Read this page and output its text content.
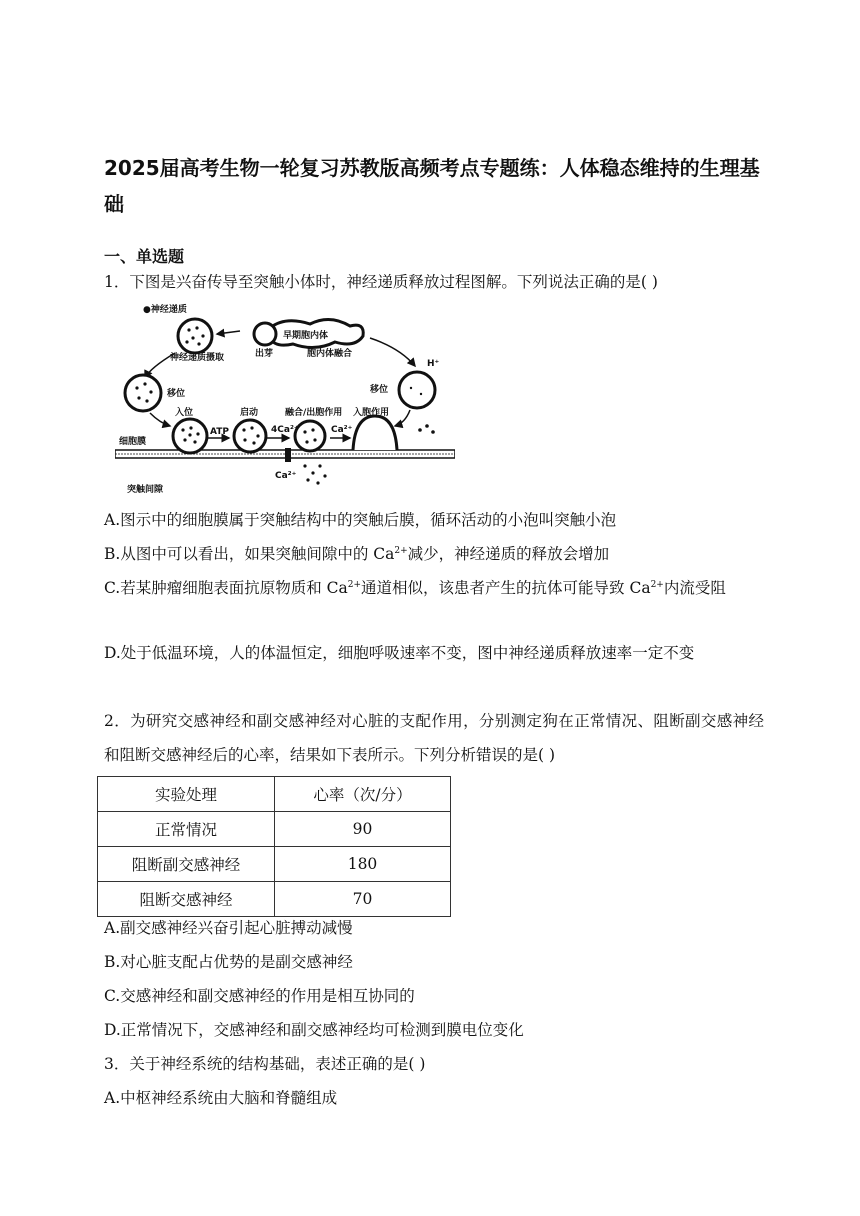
2025届高考生物一轮复习苏教版高频考点专题练：人体稳态维持的生理基础
一、单选题
1．下图是兴奋传导至突触小体时，神经递质释放过程图解。下列说法正确的是( )
●神经递质
早期胞内体
出芽	胞内体融合
神经递质摄取
移位	移位
H⁺
入位	启动	融合/出胞作用 入胞作用
细胞膜
ATP	4Ca²⁺	Ca²⁺
Ca²⁺
突触间隙
A.图示中的细胞膜属于突触结构中的突触后膜，循环活动的小泡叫突触小泡
B.从图中可以看出，如果突触间隙中的 $Ca^{2+}$减少，神经递质的释放会增加
C.若某肿瘤细胞表面抗原物质和 $Ca^{2+}$通道相似，该患者产生的抗体可能导致 $Ca^{2+}$内流受阻
D.处于低温环境，人的体温恒定，细胞呼吸速率不变，图中神经递质释放速率一定不变
2．为研究交感神经和副交感神经对心脏的支配作用，分别测定狗在正常情况、阻断副交感神经和阻断交感神经后的心率，结果如下表所示。下列分析错误的是( )
实验处理	心率（次/分）
正常情况	90
阻断副交感神经	180
阻断交感神经	70
A.副交感神经兴奋引起心脏搏动减慢
B.对心脏支配占优势的是副交感神经
C.交感神经和副交感神经的作用是相互协同的
D.正常情况下，交感神经和副交感神经均可检测到膜电位变化
3．关于神经系统的结构基础，表述正确的是( )
A.中枢神经系统由大脑和脊髓组成
